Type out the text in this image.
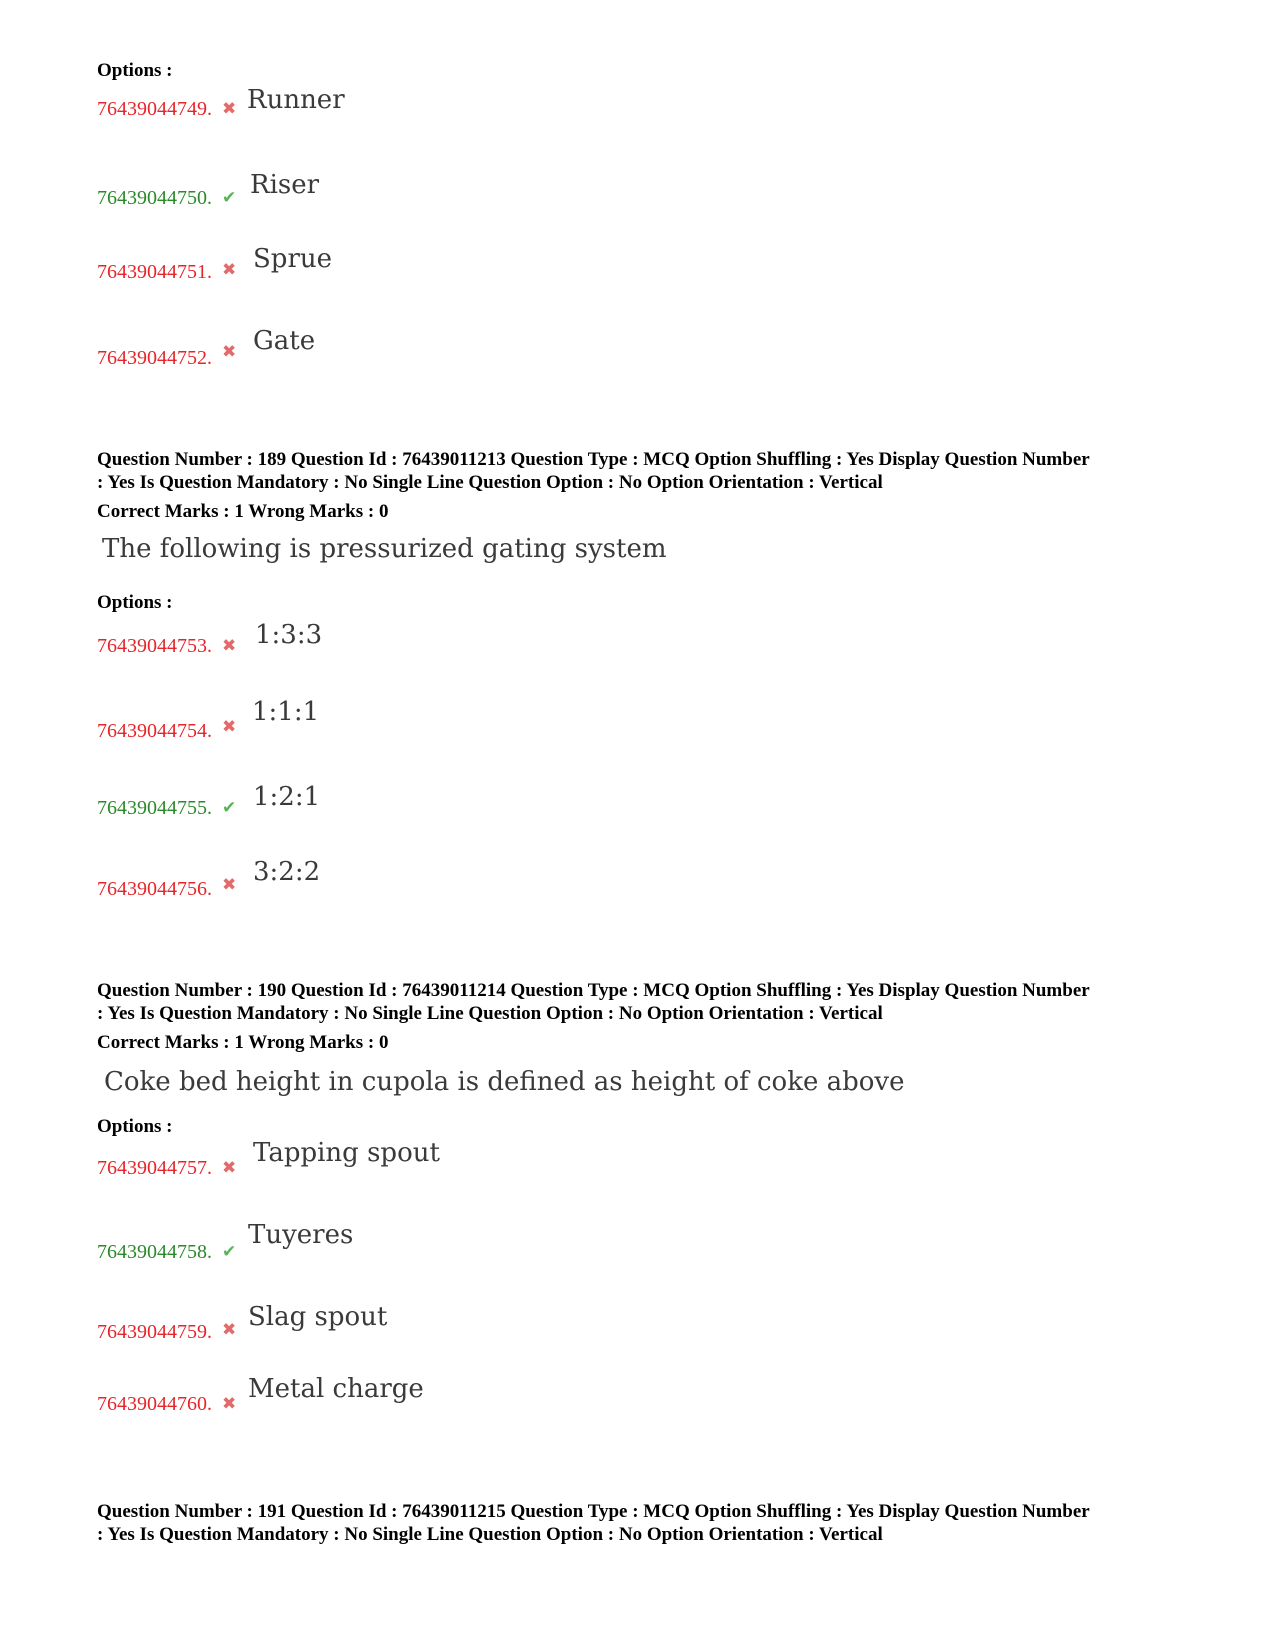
Options :
76439044749. ✖ Runner
76439044750. ✔ Riser
76439044751. ✖ Sprue
76439044752. ✖ Gate
Question Number : 189 Question Id : 76439011213 Question Type : MCQ Option Shuffling : Yes Display Question Number
: Yes Is Question Mandatory : No Single Line Question Option : No Option Orientation : Vertical
Correct Marks : 1 Wrong Marks : 0
The following is pressurized gating system
Options :
76439044753. ✖ 1:3:3
76439044754. ✖ 1:1:1
76439044755. ✔ 1:2:1
76439044756. ✖ 3:2:2
Question Number : 190 Question Id : 76439011214 Question Type : MCQ Option Shuffling : Yes Display Question Number
: Yes Is Question Mandatory : No Single Line Question Option : No Option Orientation : Vertical
Correct Marks : 1 Wrong Marks : 0
Coke bed height in cupola is defined as height of coke above
Options :
76439044757. ✖ Tapping spout
76439044758. ✔
Tuyeres
76439044759. ✖ Slag spout
76439044760. ✖ Metal charge
Question Number : 191 Question Id : 76439011215 Question Type : MCQ Option Shuffling : Yes Display Question Number
: Yes Is Question Mandatory : No Single Line Question Option : No Option Orientation : Vertical
